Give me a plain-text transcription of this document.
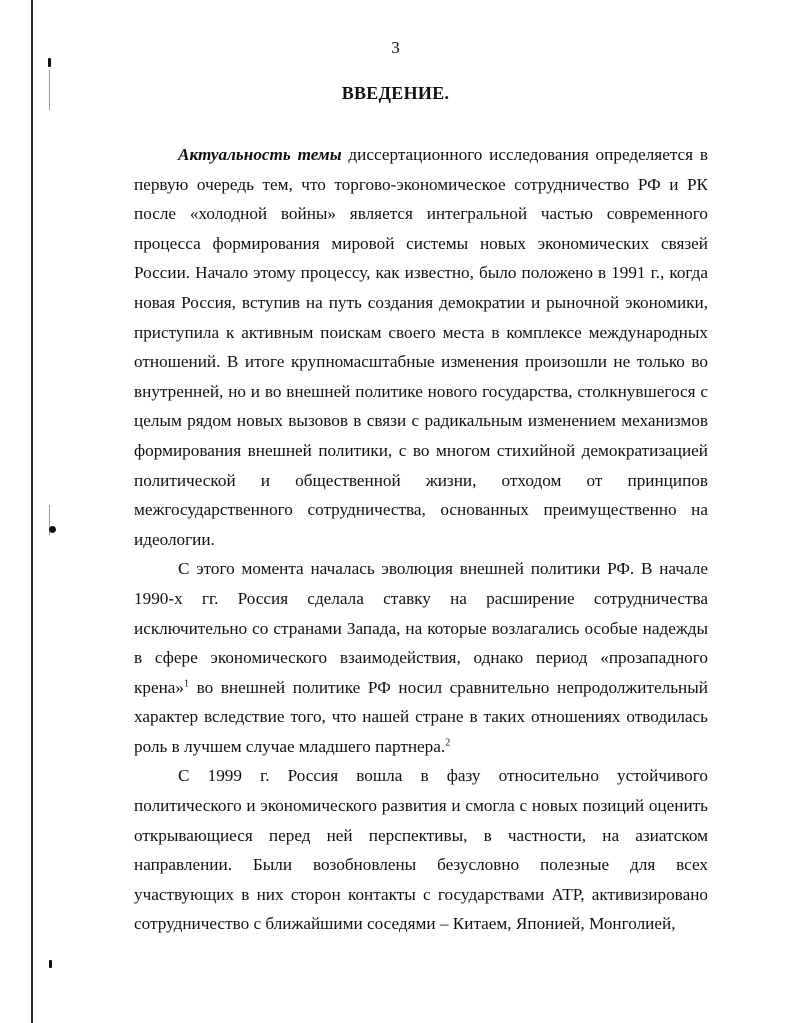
3
ВВЕДЕНИЕ.

Актуальность темы диссертационного исследования определяется в первую очередь тем, что торгово-экономическое сотрудничество РФ и РК после «холодной войны» является интегральной частью современного процесса формирования мировой системы новых экономических связей России. Начало этому процессу, как известно, было положено в 1991 г., когда новая Россия, вступив на путь создания демократии и рыночной экономики, приступила к активным поискам своего места в комплексе международных отношений. В итоге крупномасштабные изменения произошли не только во внутренней, но и во внешней политике нового государства, столкнувшегося с целым рядом новых вызовов в связи с радикальным изменением механизмов формирования внешней политики, с во многом стихийной демократизацией политической и общественной жизни, отходом от принципов межгосударственного сотрудничества, основанных преимущественно на идеологии.

С этого момента началась эволюция внешней политики РФ. В начале 1990-х гг. Россия сделала ставку на расширение сотрудничества исключительно со странами Запада, на которые возлагались особые надежды в сфере экономического взаимодействия, однако период «прозападного крена»$^1$ во внешней политике РФ носил сравнительно непродолжительный характер вследствие того, что нашей стране в таких отношениях отводилась роль в лучшем случае младшего партнера.$^2$

С 1999 г. Россия вошла в фазу относительно устойчивого политического и экономического развития и смогла с новых позиций оценить открывающиеся перед ней перспективы, в частности, на азиатском направлении. Были возобновлены безусловно полезные для всех участвующих в них сторон контакты с государствами АТР, активизировано сотрудничество с ближайшими соседями – Китаем, Японией, Монголией,
